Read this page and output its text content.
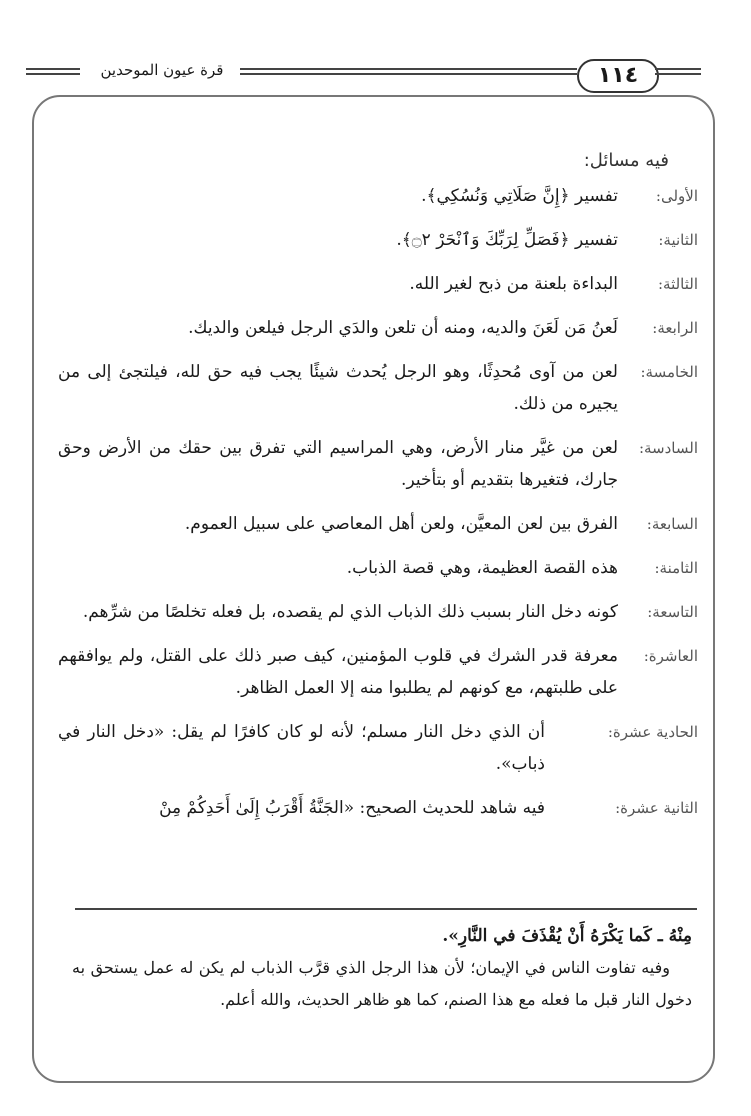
قرة عيون الموحدين	١١٤
فيه مسائل:
الأولى:
تفسير ﴿إِنَّ صَلَاتِي وَنُسُكِي﴾.
الثانية:
تفسير ﴿فَصَلِّ لِرَبِّكَ وَٱنْحَرْ ۝٢﴾.
الثالثة:
البداءة بلعنة من ذبح لغير الله.
الرابعة:
لَعنُ مَن لَعَنَ والديه، ومنه أن تلعن والدَي الرجل فيلعن والديك.
الخامسة:
لعن من آوى مُحدِثًا، وهو الرجل يُحدث شيئًا يجب فيه حق لله، فيلتجئ إلى من يجيره من ذلك.
السادسة:
لعن من غيَّر منار الأرض، وهي المراسيم التي تفرق بين حقك من الأرض وحق جارك، فتغيرها بتقديم أو بتأخير.
السابعة:
الفرق بين لعن المعيَّن، ولعن أهل المعاصي على سبيل العموم.
الثامنة:
هذه القصة العظيمة، وهي قصة الذباب.
التاسعة:
كونه دخل النار بسبب ذلك الذباب الذي لم يقصده، بل فعله تخلصًا من شرِّهم.
العاشرة:
معرفة قدر الشرك في قلوب المؤمنين، كيف صبر ذلك على القتل، ولم يوافقهم على طلبتهم، مع كونهم لم يطلبوا منه إلا العمل الظاهر.
الحادية عشرة:
أن الذي دخل النار مسلم؛ لأنه لو كان كافرًا لم يقل: «دخل النار في ذباب».
الثانية عشرة:
فيه شاهد للحديث الصحيح: «الجَنَّةُ أَقْرَبُ إِلَىٰ أَحَدِكُمْ مِنْ
مِنْهُ ـ كَما يَكْرَهُ أَنْ يُقْذَفَ في النَّارِ».
وفيه تفاوت الناس في الإيمان؛ لأن هذا الرجل الذي قرَّب الذباب لم يكن له عمل يستحق به دخول النار قبل ما فعله مع هذا الصنم، كما هو ظاهر الحديث، والله أعلم.
